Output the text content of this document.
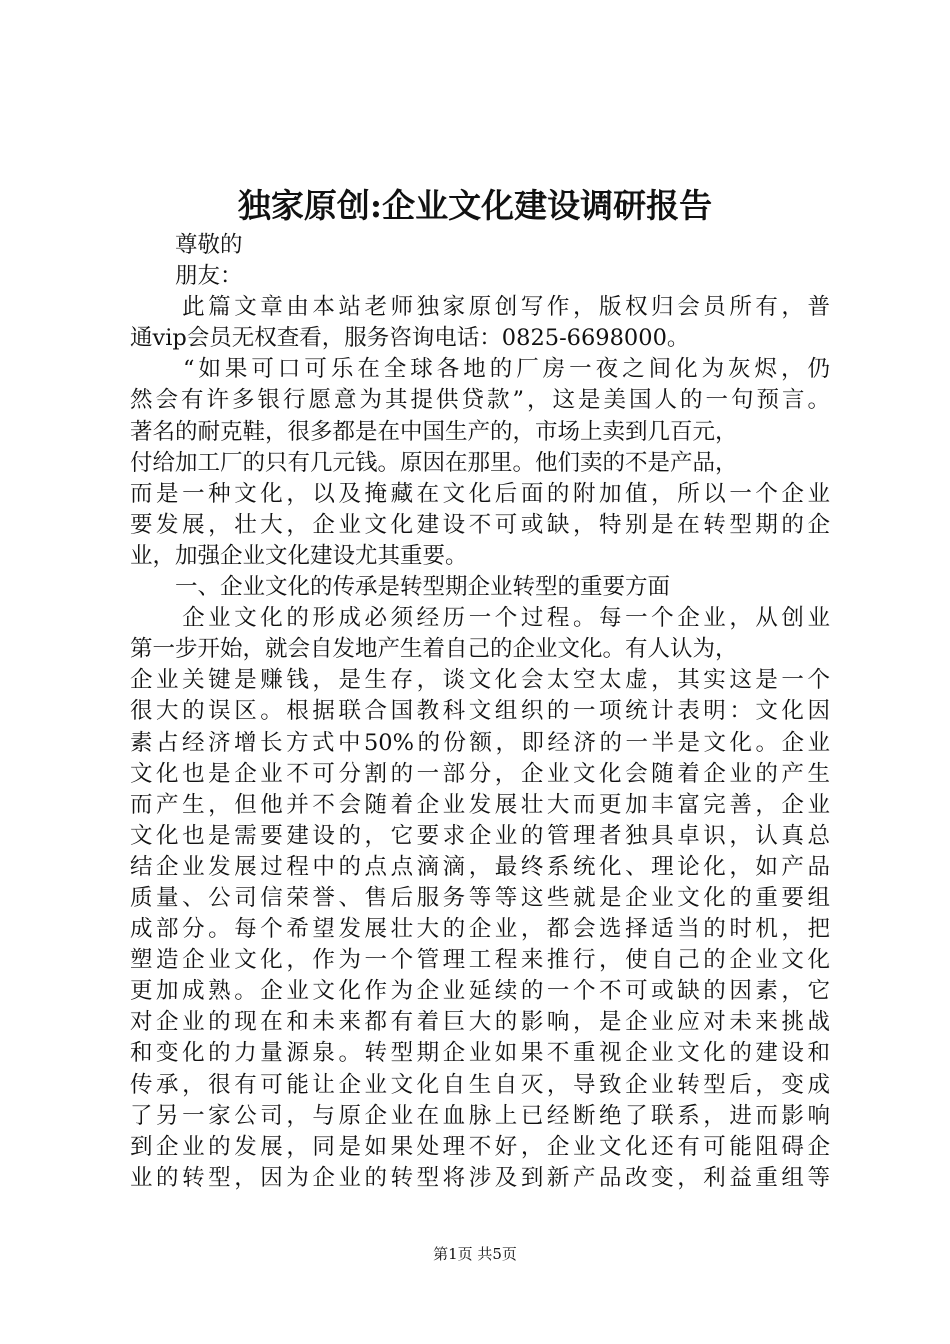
独家原创:企业文化建设调研报告
　　尊敬的
　　朋友：
　　此篇文章由本站老师独家原创写作，版权归会员所有，普
通vip会员无权查看，服务咨询电话：0825-6698000。
　　“如果可口可乐在全球各地的厂房一夜之间化为灰烬，仍
然会有许多银行愿意为其提供贷款”，这是美国人的一句预言。
著名的耐克鞋，很多都是在中国生产的，市场上卖到几百元，
付给加工厂的只有几元钱。原因在那里。他们卖的不是产品，
而是一种文化，以及掩藏在文化后面的附加值，所以一个企业
要发展，壮大，企业文化建设不可或缺，特别是在转型期的企
业，加强企业文化建设尤其重要。
　　一、企业文化的传承是转型期企业转型的重要方面
　　企业文化的形成必须经历一个过程。每一个企业，从创业
第一步开始，就会自发地产生着自己的企业文化。有人认为，
企业关键是赚钱，是生存，谈文化会太空太虚，其实这是一个
很大的误区。根据联合国教科文组织的一项统计表明：文化因
素占经济增长方式中50%的份额，即经济的一半是文化。企业
文化也是企业不可分割的一部分，企业文化会随着企业的产生
而产生，但他并不会随着企业发展壮大而更加丰富完善，企业
文化也是需要建设的，它要求企业的管理者独具卓识，认真总
结企业发展过程中的点点滴滴，最终系统化、理论化，如产品
质量、公司信荣誉、售后服务等等这些就是企业文化的重要组
成部分。每个希望发展壮大的企业，都会选择适当的时机，把
塑造企业文化，作为一个管理工程来推行，使自己的企业文化
更加成熟。企业文化作为企业延续的一个不可或缺的因素，它
对企业的现在和未来都有着巨大的影响，是企业应对未来挑战
和变化的力量源泉。转型期企业如果不重视企业文化的建设和
传承，很有可能让企业文化自生自灭，导致企业转型后，变成
了另一家公司，与原企业在血脉上已经断绝了联系，进而影响
到企业的发展，同是如果处理不好，企业文化还有可能阻碍企
业的转型，因为企业的转型将涉及到新产品改变，利益重组等
第1页 共5页
